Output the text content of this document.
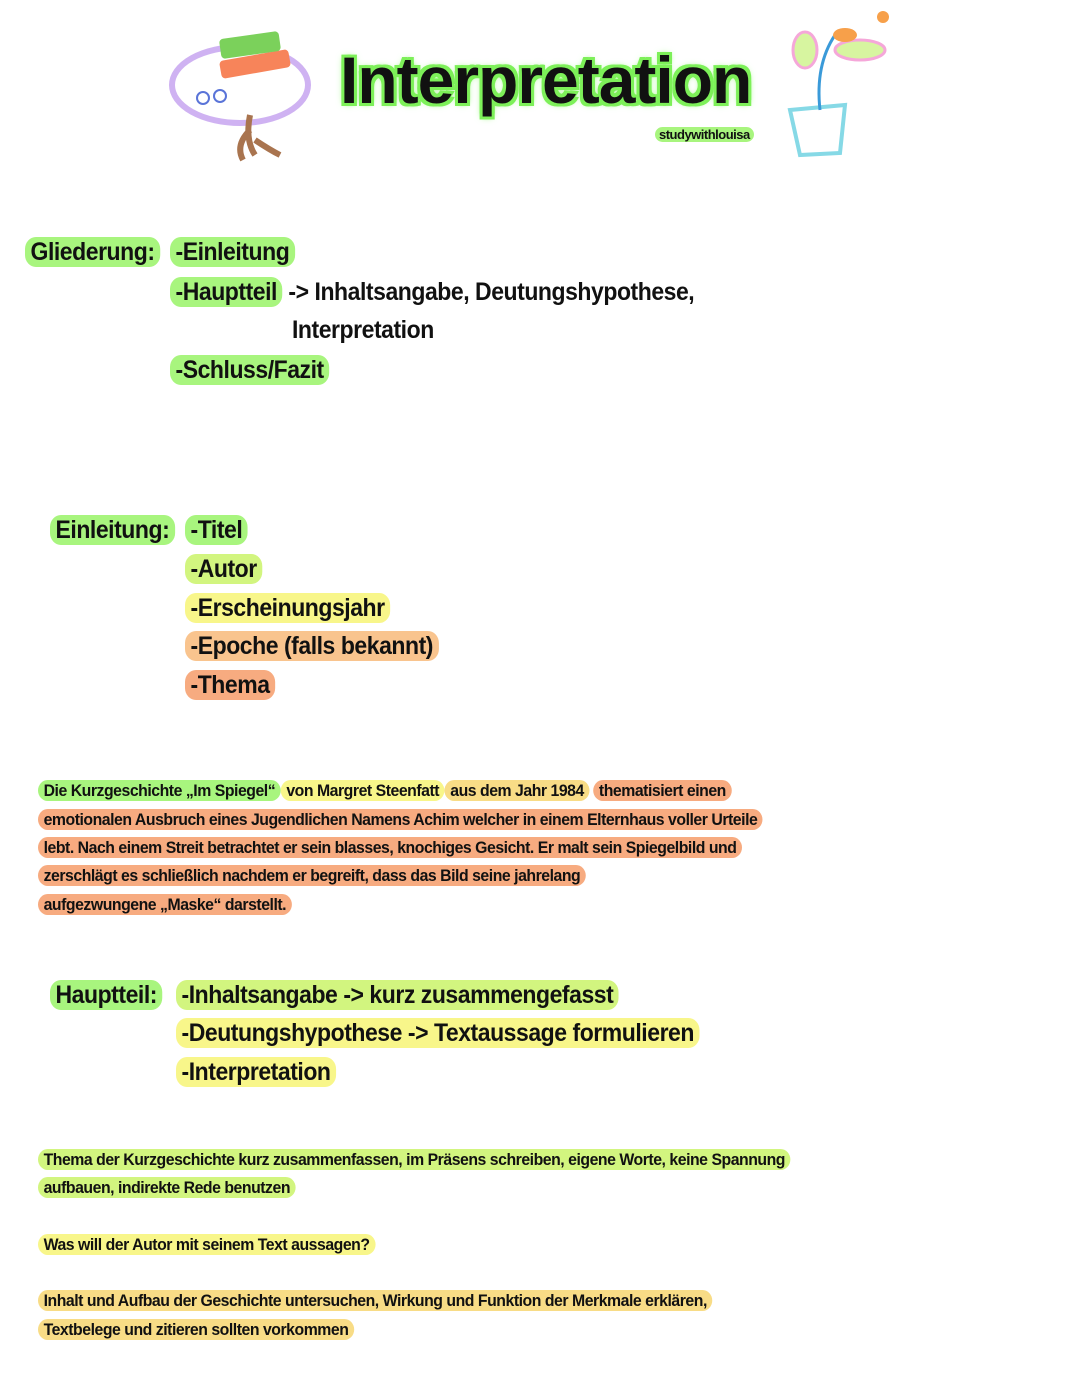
Interpretation
studywithlouisa
Gliederung: -Einleitung
-Hauptteil -> Inhaltsangabe, Deutungshypothese,
Interpretation
-Schluss/Fazit
Einleitung: -Titel
-Autor
-Erscheinungsjahr
-Epoche (falls bekannt)
-Thema
Die Kurzgeschichte „Im Spiegel“ von Margret Steenfatt aus dem Jahr 1984 thematisiert einen
emotionalen Ausbruch eines Jugendlichen Namens Achim welcher in einem Elternhaus voller Urteile
lebt. Nach einem Streit betrachtet er sein blasses, knochiges Gesicht. Er malt sein Spiegelbild und
zerschlägt es schließlich nachdem er begreift, dass das Bild seine jahrelang
aufgezwungene „Maske“ darstellt.
Hauptteil: -Inhaltsangabe -> kurz zusammengefasst
-Deutungshypothese -> Textaussage formulieren
-Interpretation
Thema der Kurzgeschichte kurz zusammenfassen, im Präsens schreiben, eigene Worte, keine Spannung
aufbauen, indirekte Rede benutzen
Was will der Autor mit seinem Text aussagen?
Inhalt und Aufbau der Geschichte untersuchen, Wirkung und Funktion der Merkmale erklären,
Textbelege und zitieren sollten vorkommen
